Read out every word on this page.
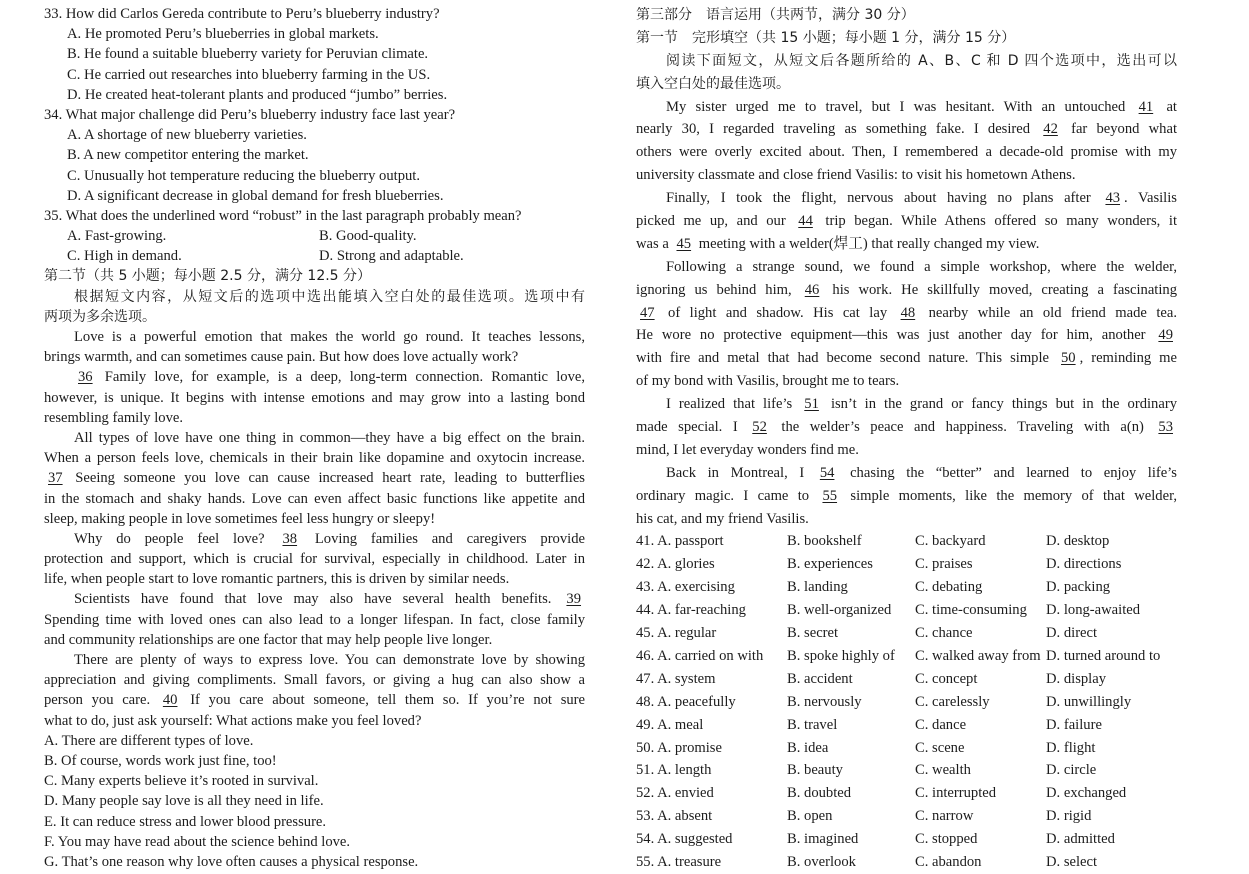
33. How did Carlos Gereda contribute to Peru’s blueberry industry?
A. He promoted Peru’s blueberries in global markets.
B. He found a suitable blueberry variety for Peruvian climate.
C. He carried out researches into blueberry farming in the US.
D. He created heat-tolerant plants and produced “jumbo” berries.
34. What major challenge did Peru’s blueberry industry face last year?
A. A shortage of new blueberry varieties.
B. A new competitor entering the market.
C. Unusually hot temperature reducing the blueberry output.
D. A significant decrease in global demand for fresh blueberries.
35. What does the underlined word “robust” in the last paragraph probably mean?
A. Fast-growing.	B. Good-quality.
C. High in demand.	D. Strong and adaptable.
第二节（共 5 小题；每小题 2.5 分，满分 12.5 分）
根据短文内容，从短文后的选项中选出能填入空白处的最佳选项。选项中有
两项为多余选项。
Love is a powerful emotion that makes the world go round. It teaches lessons,
brings warmth, and can sometimes cause pain. But how does love actually work?
36 Family love, for example, is a deep, long-term connection. Romantic love,
however, is unique. It begins with intense emotions and may grow into a lasting bond
resembling family love.
All types of love have one thing in common—they have a big effect on the brain.
When a person feels love, chemicals in their brain like dopamine and oxytocin increase.
37 Seeing someone you love can cause increased heart rate, leading to butterflies
in the stomach and shaky hands. Love can even affect basic functions like appetite and
sleep, making people in love sometimes feel less hungry or sleepy!
Why do people feel love? 38 Loving families and caregivers provide
protection and support, which is crucial for survival, especially in childhood. Later in
life, when people start to love romantic partners, this is driven by similar needs.
Scientists have found that love may also have several health benefits. 39
Spending time with loved ones can also lead to a longer lifespan. In fact, close family
and community relationships are one factor that may help people live longer.
There are plenty of ways to express love. You can demonstrate love by showing
appreciation and giving compliments. Small favors, or giving a hug can also show a
person you care. 40 If you care about someone, tell them so. If you’re not sure
what to do, just ask yourself: What actions make you feel loved?
A. There are different types of love.
B. Of course, words work just fine, too!
C. Many experts believe it’s rooted in survival.
D. Many people say love is all they need in life.
E. It can reduce stress and lower blood pressure.
F. You may have read about the science behind love.
G. That’s one reason why love often causes a physical response.
第三部分　语言运用（共两节，满分 30 分）
第一节　完形填空（共 15 小题；每小题 1 分，满分 15 分）
阅读下面短文，从短文后各题所给的 A、B、C 和 D 四个选项中，选出可以
填入空白处的最佳选项。
My sister urged me to travel, but I was hesitant. With an untouched 41 at
nearly 30, I regarded traveling as something fake. I desired 42 far beyond what
others were overly excited about. Then, I remembered a decade-old promise with my
university classmate and close friend Vasilis: to visit his hometown Athens.
Finally, I took the flight, nervous about having no plans after 43 . Vasilis
picked me up, and our 44 trip began. While Athens offered so many wonders, it
was a 45 meeting with a welder(焊工) that really changed my view.
Following a strange sound, we found a simple workshop, where the welder,
ignoring us behind him, 46 his work. He skillfully moved, creating a fascinating
47 of light and shadow. His cat lay 48 nearby while an old friend made tea.
He wore no protective equipment—this was just another day for him, another 49
with fire and metal that had become second nature. This simple 50 , reminding me
of my bond with Vasilis, brought me to tears.
I realized that life’s 51 isn’t in the grand or fancy things but in the ordinary
made special. I 52 the welder’s peace and happiness. Traveling with a(n) 53
mind, I let everyday wonders find me.
Back in Montreal, I 54 chasing the “better” and learned to enjoy life’s
ordinary magic. I came to 55 simple moments, like the memory of that welder,
his cat, and my friend Vasilis.
41. A. passport	B. bookshelf	C. backyard	D. desktop
42. A. glories	B. experiences	C. praises	D. directions
43. A. exercising	B. landing	C. debating	D. packing
44. A. far-reaching	B. well-organized	C. time-consuming	D. long-awaited
45. A. regular	B. secret	C. chance	D. direct
46. A. carried on with	B. spoke highly of	C. walked away from D. turned around to
47. A. system	B. accident	C. concept	D. display
48. A. peacefully	B. nervously	C. carelessly	D. unwillingly
49. A. meal	B. travel	C. dance	D. failure
50. A. promise	B. idea	C. scene	D. flight
51. A. length	B. beauty	C. wealth	D. circle
52. A. envied	B. doubted	C. interrupted	D. exchanged
53. A. absent	B. open	C. narrow	D. rigid
54. A. suggested	B. imagined	C. stopped	D. admitted
55. A. treasure	B. overlook	C. abandon	D. select
